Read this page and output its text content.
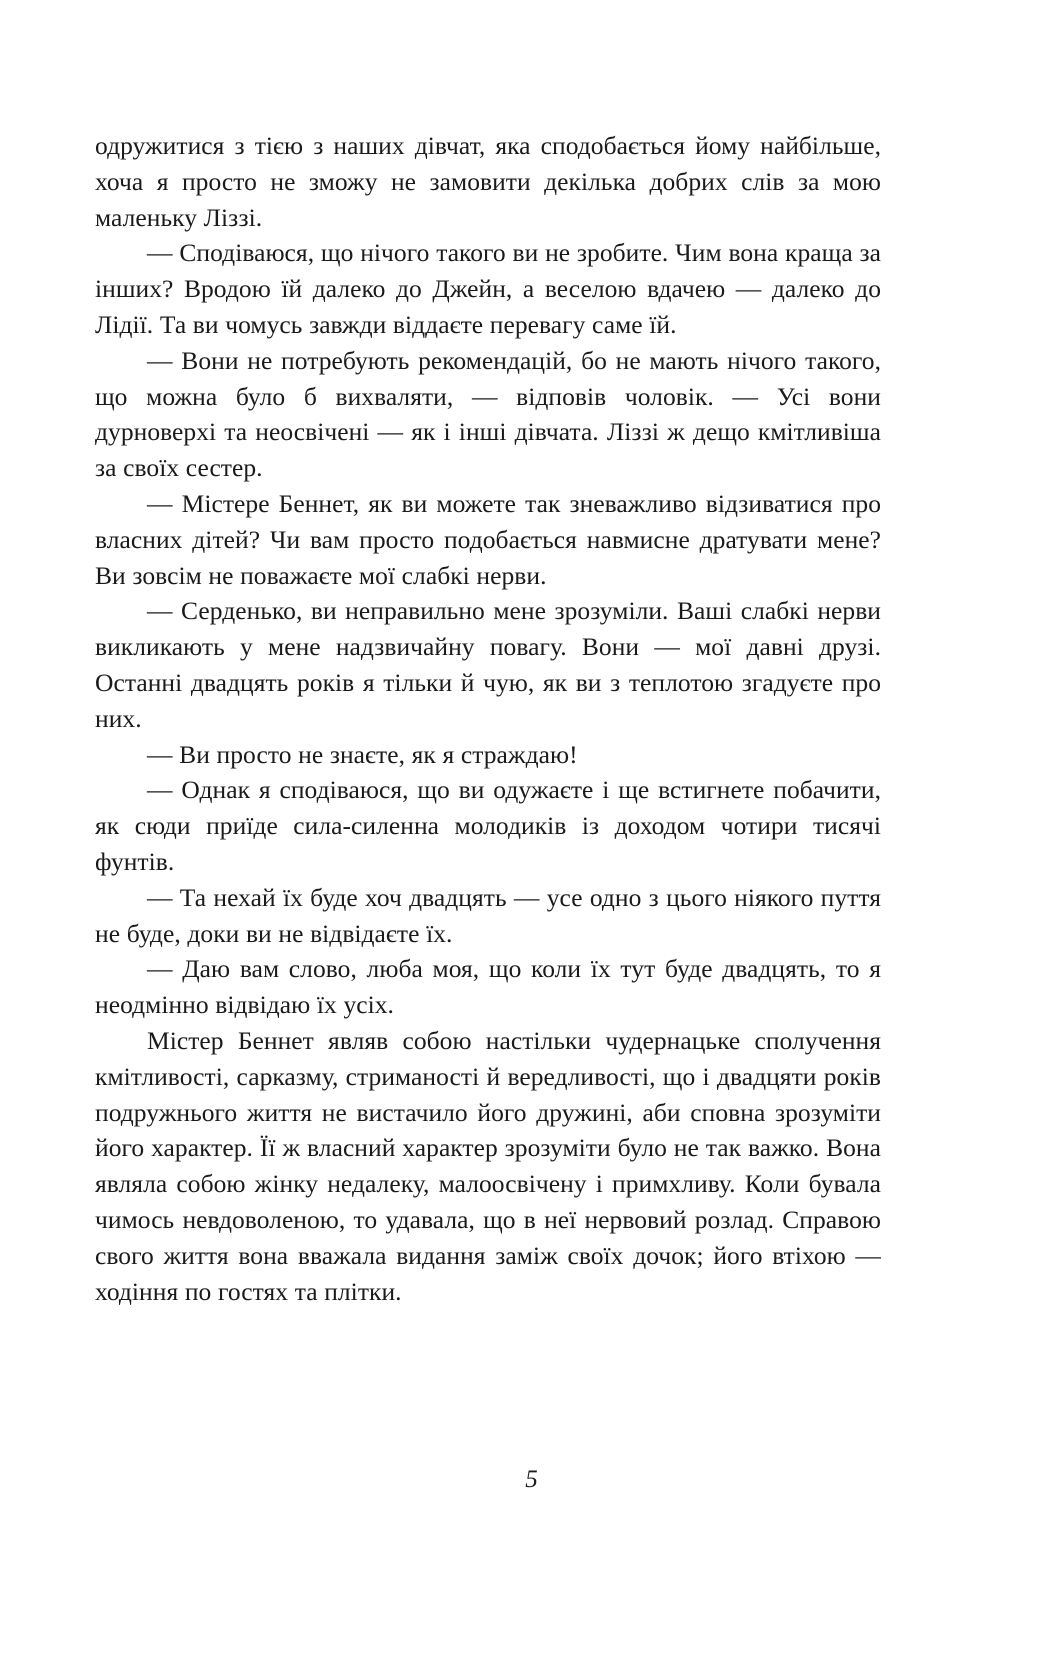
одружитися з тією з наших дівчат, яка сподобається йому найбільше, хоча я просто не зможу не замовити декілька добрих слів за мою маленьку Ліззі.

— Сподіваюся, що нічого такого ви не зробите. Чим вона краща за інших? Вродою їй далеко до Джейн, а веселою вдачею — далеко до Лідії. Та ви чомусь завжди віддаєте перевагу саме їй.

— Вони не потребують рекомендацій, бо не мають нічого такого, що можна було б вихваляти, — відповів чоловік. — Усі вони дурноверхі та неосвічені — як і інші дівчата. Ліззі ж дещо кмітливіша за своїх сестер.

— Містере Беннет, як ви можете так зневажливо відзиватися про власних дітей? Чи вам просто подобається навмисне дратувати мене? Ви зовсім не поважаєте мої слабкі нерви.

— Серденько, ви неправильно мене зрозуміли. Ваші слабкі нерви викликають у мене надзвичайну повагу. Вони — мої давні друзі. Останні двадцять років я тільки й чую, як ви з теплотою згадуєте про них.

— Ви просто не знаєте, як я страждаю!

— Однак я сподіваюся, що ви одужаєте і ще встигнете побачити, як сюди приїде сила-силенна молодиків із доходом чотири тисячі фунтів.

— Та нехай їх буде хоч двадцять — усе одно з цього ніякого пуття не буде, доки ви не відвідаєте їх.

— Даю вам слово, люба моя, що коли їх тут буде двадцять, то я неодмінно відвідаю їх усіх.

Містер Беннет являв собою настільки чудернацьке сполучення кмітливості, сарказму, стриманості й вередливості, що і двадцяти років подружнього життя не вистачило його дружині, аби сповна зрозуміти його характер. Її ж власний характер зрозуміти було не так важко. Вона являла собою жінку недалеку, малоосвічену і примхливу. Коли бувала чимось невдоволеною, то удавала, що в неї нервовий розлад. Справою свого життя вона вважала видання заміж своїх дочок; його втіхою — ходіння по гостях та плітки.

5
